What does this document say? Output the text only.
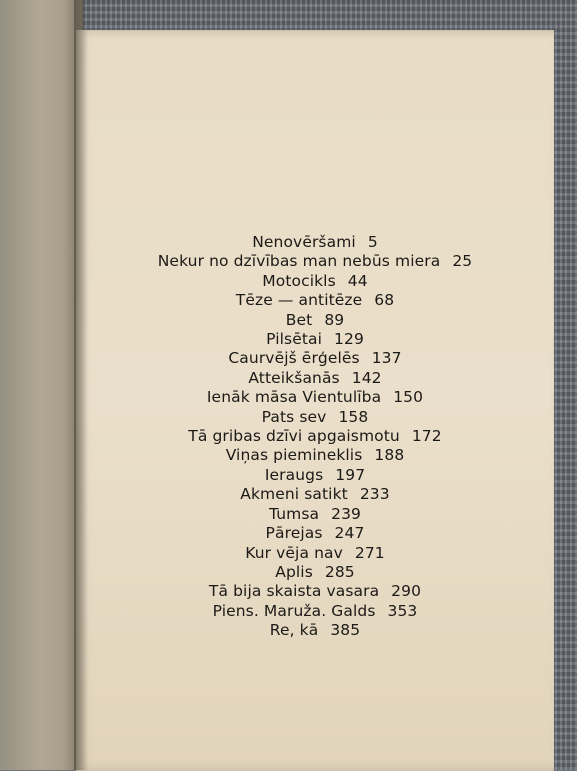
Nenovēršami 5
Nekur no dzīvības man nebūs miera 25
Motocikls 44
Tēze — antitēze 68
Bet 89
Pilsētai 129
Caurvējš ērģelēs 137
Atteikšanās 142
Ienāk māsa Vientulība 150
Pats sev 158
Tā gribas dzīvi apgaismotu 172
Viņas piemineklis 188
Ieraugs 197
Akmeni satikt 233
Tumsa 239
Pārejas 247
Kur vēja nav 271
Aplis 285
Tā bija skaista vasara 290
Piens. Maruža. Galds 353
Re, kā 385
